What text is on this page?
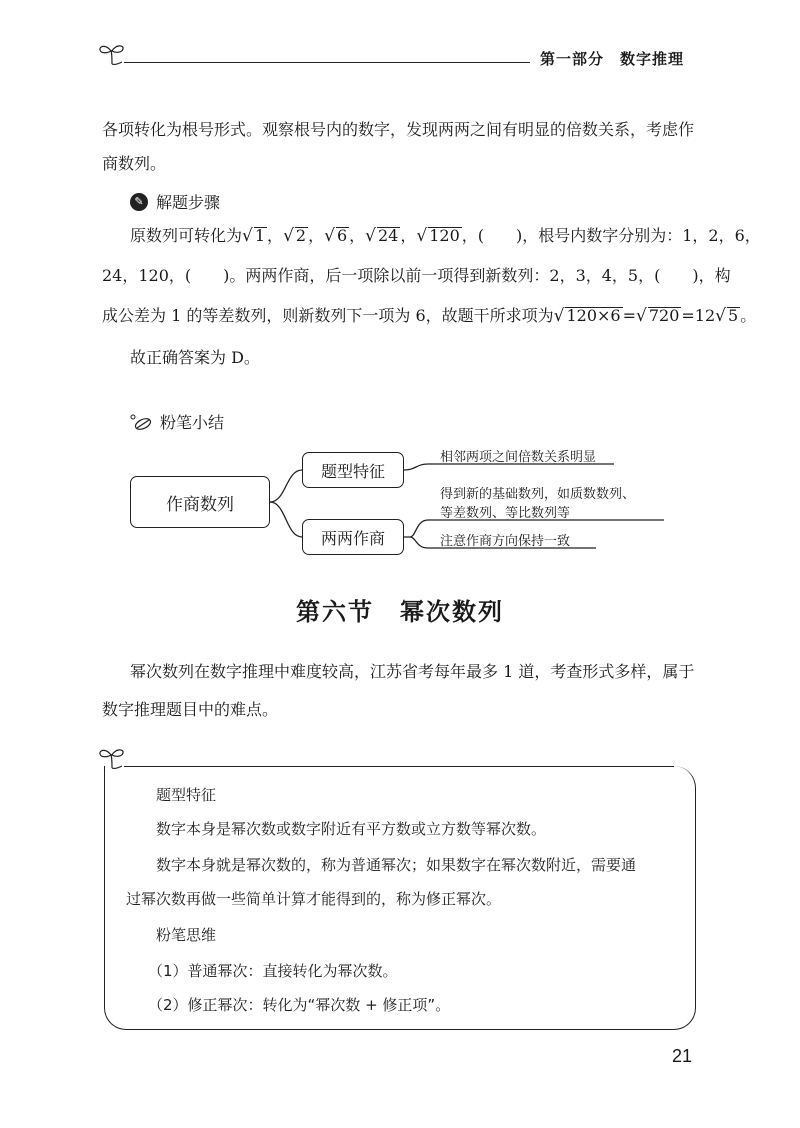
第一部分 数字推理
各项转化为根号形式。观察根号内的数字，发现两两之间有明显的倍数关系，考虑作
商数列。
✎ 解题步骤
原数列可转化为√ 1 ，√ 2 ，√ 6 ，√ 24 ，√ 120 ，(　　)，根号内数字分别为：1，2，6，
24，120，(　　)。两两作商，后一项除以前一项得到新数列：2，3，4，5，(　　)，构
成公差为 1 的等差数列，则新数列下一项为 6，故题干所求项为√ 120×6 =√ 720 =12√ 5 。
故正确答案为 D。
粉笔小结
作商数列
题型特征
两两作商
相邻两项之间倍数关系明显
得到新的基础数列，如质数数列、
等差数列、等比数列等
注意作商方向保持一致
第六节　幂次数列
幂次数列在数字推理中难度较高，江苏省考每年最多 1 道，考查形式多样，属于
数字推理题目中的难点。
题型特征
数字本身是幂次数或数字附近有平方数或立方数等幂次数。
数字本身就是幂次数的，称为普通幂次；如果数字在幂次数附近，需要通
过幂次数再做一些简单计算才能得到的，称为修正幂次。
粉笔思维
（1）普通幂次：直接转化为幂次数。
（2）修正幂次：转化为“幂次数 + 修正项”。
21
